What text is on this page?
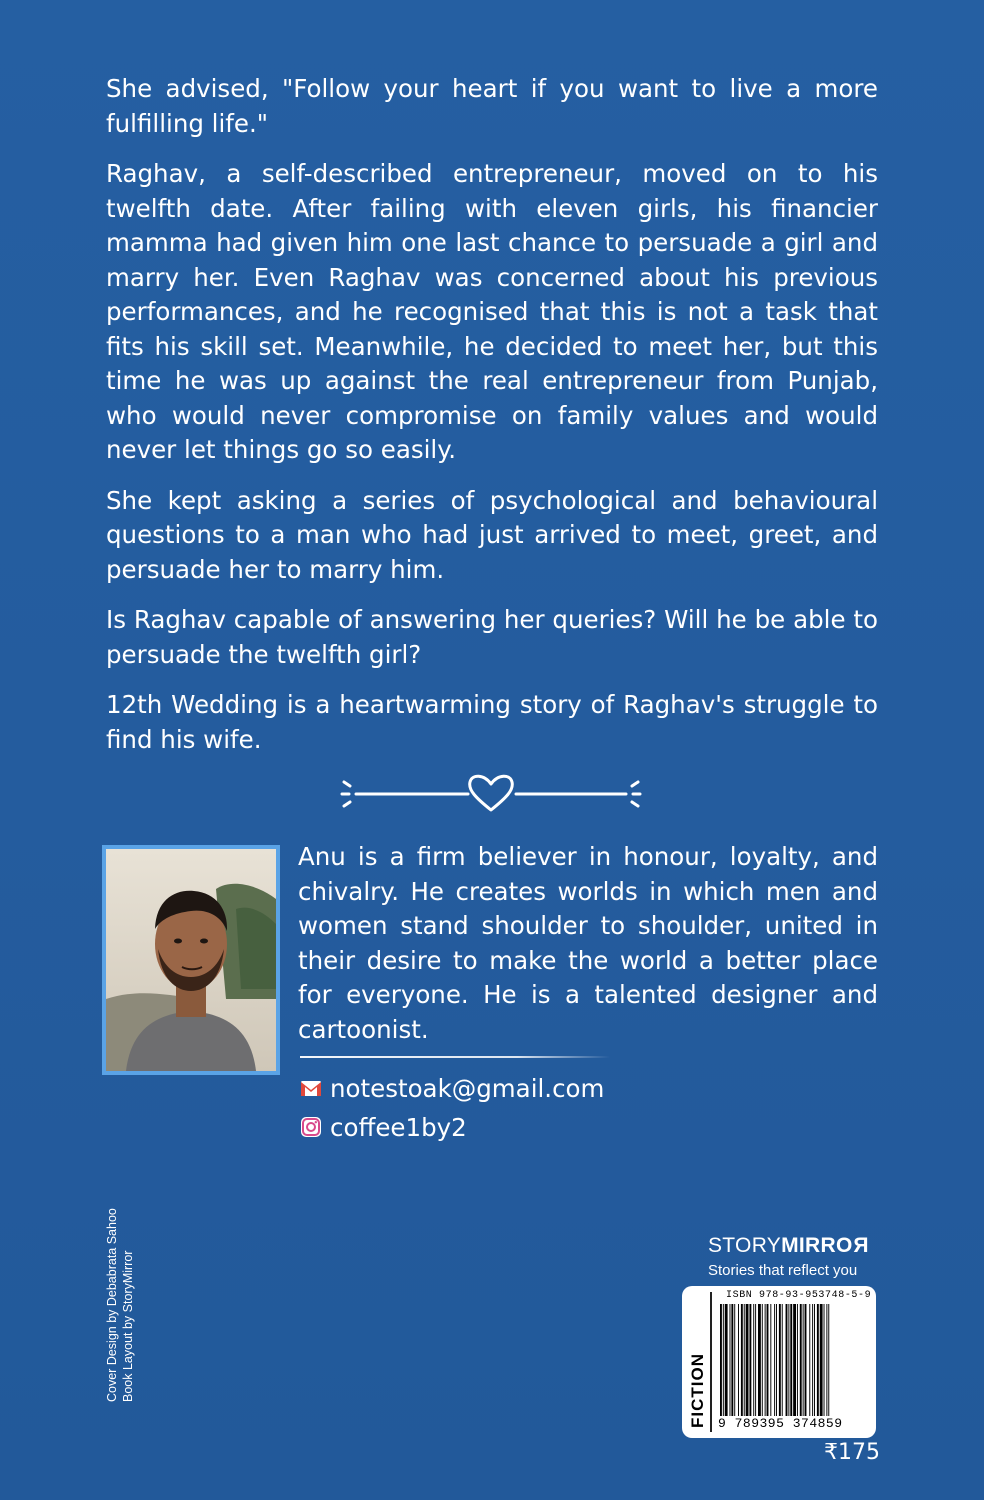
She advised, "Follow your heart if you want to live a more fulfilling life."

Raghav, a self-described entrepreneur, moved on to his twelfth date. After failing with eleven girls, his financier mamma had given him one last chance to persuade a girl and marry her. Even Raghav was concerned about his previous performances, and he recognised that this is not a task that fits his skill set. Meanwhile, he decided to meet her, but this time he was up against the real entrepreneur from Punjab, who would never compromise on family values and would never let things go so easily.

She kept asking a series of psychological and behavioural questions to a man who had just arrived to meet, greet, and persuade her to marry him.

Is Raghav capable of answering her queries? Will he be able to persuade the twelfth girl?

12th Wedding is a heartwarming story of Raghav's struggle to find his wife.

Anu is a firm believer in honour, loyalty, and chivalry. He creates worlds in which men and women stand shoulder to shoulder, united in their desire to make the world a better place for everyone. He is a talented designer and cartoonist.

notestoak@gmail.com
coffee1by2
Cover Design by Debabrata Sahoo Book Layout by StoryMirror
STORYMIRROR
Stories that reflect you
FICTION
ISBN 978-93-953748-5-9
9 789395 374859
₹175
